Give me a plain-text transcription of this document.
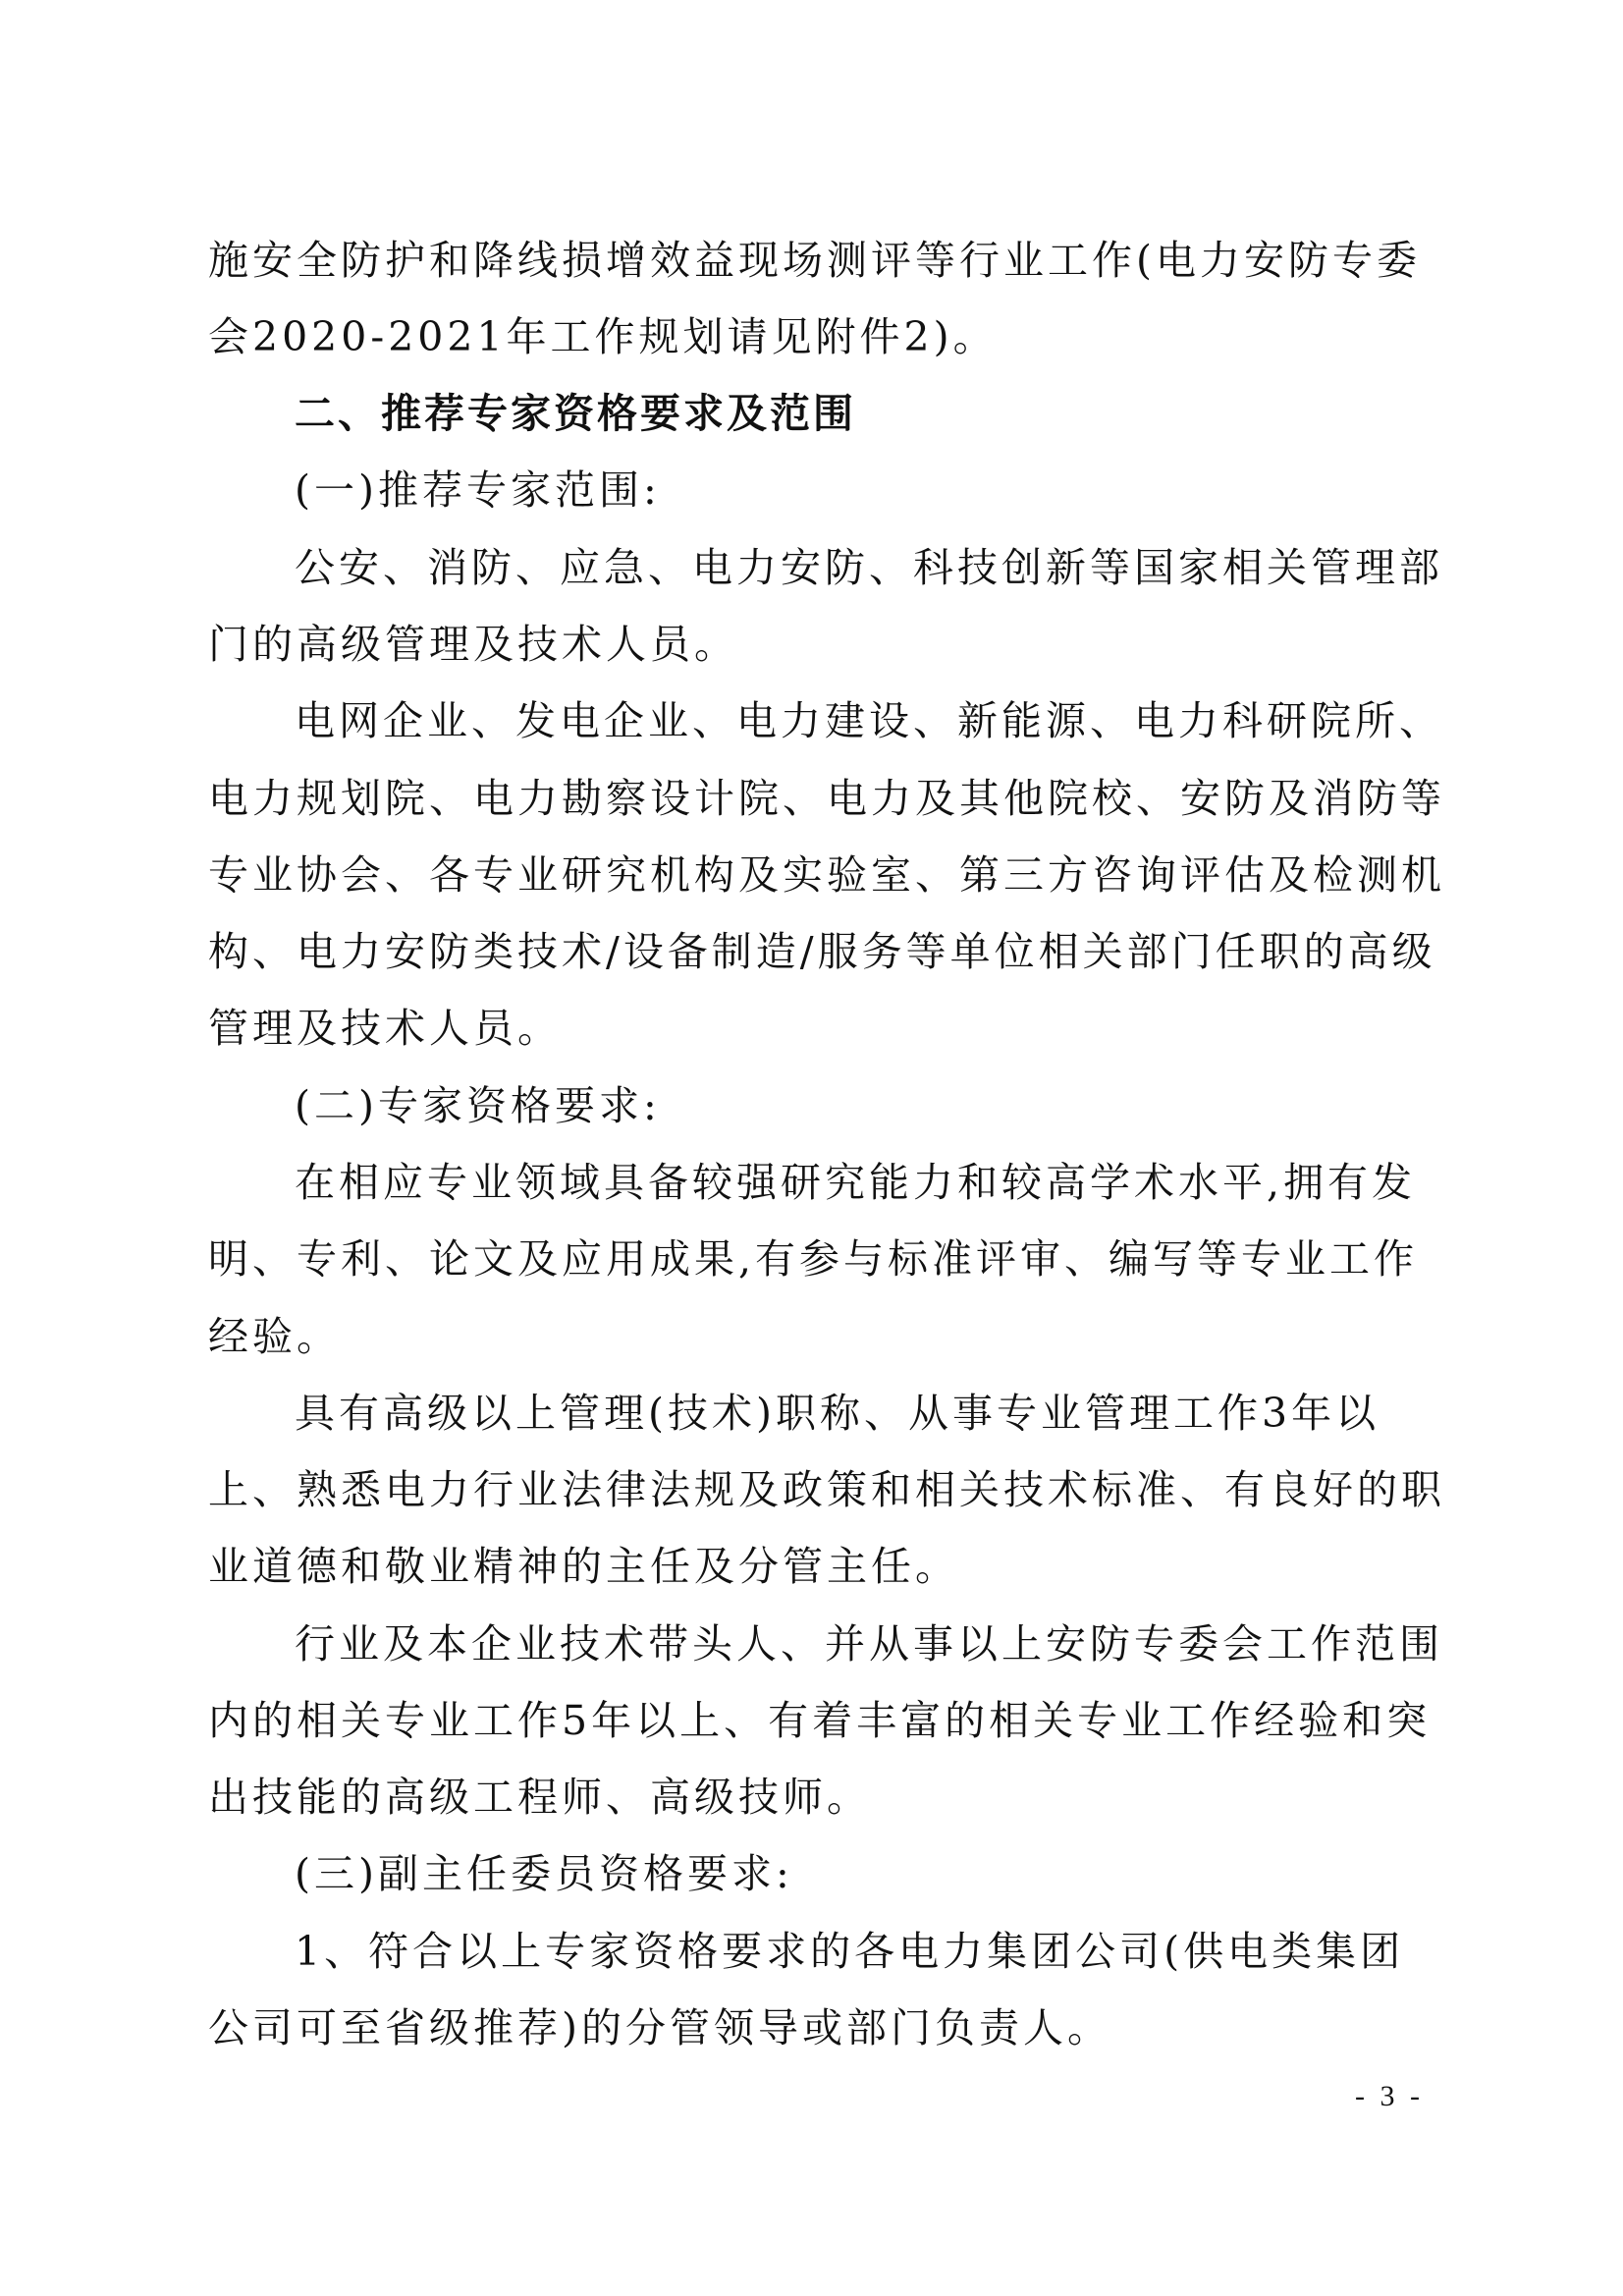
施安全防护和降线损增效益现场测评等行业工作(电力安防专委
会2020-2021年工作规划请见附件2)。
二、推荐专家资格要求及范围
(一)推荐专家范围:
公安、消防、应急、电力安防、科技创新等国家相关管理部
门的高级管理及技术人员。
电网企业、发电企业、电力建设、新能源、电力科研院所、
电力规划院、电力勘察设计院、电力及其他院校、安防及消防等
专业协会、各专业研究机构及实验室、第三方咨询评估及检测机
构、电力安防类技术/设备制造/服务等单位相关部门任职的高级
管理及技术人员。
(二)专家资格要求:
在相应专业领域具备较强研究能力和较高学术水平,拥有发
明、专利、论文及应用成果,有参与标准评审、编写等专业工作
经验。
具有高级以上管理(技术)职称、从事专业管理工作3年以
上、熟悉电力行业法律法规及政策和相关技术标准、有良好的职
业道德和敬业精神的主任及分管主任。
行业及本企业技术带头人、并从事以上安防专委会工作范围
内的相关专业工作5年以上、有着丰富的相关专业工作经验和突
出技能的高级工程师、高级技师。
(三)副主任委员资格要求:
1、符合以上专家资格要求的各电力集团公司(供电类集团
公司可至省级推荐)的分管领导或部门负责人。
- 3 -
